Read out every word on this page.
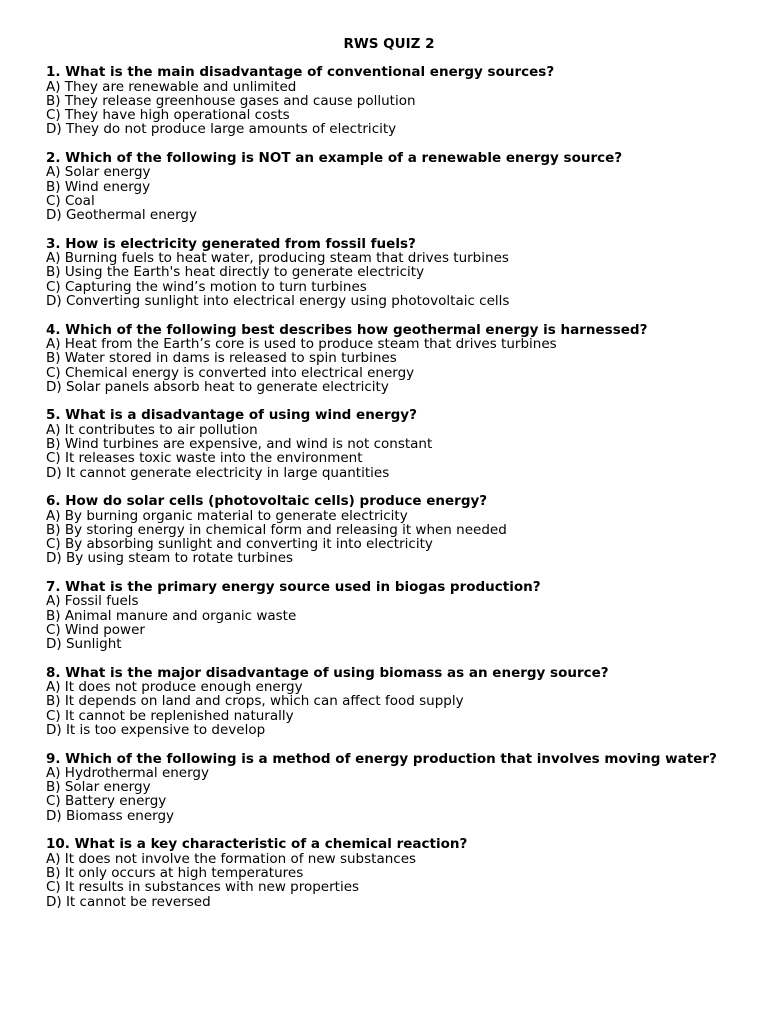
RWS QUIZ 2
1. What is the main disadvantage of conventional energy sources?
A) They are renewable and unlimited
B) They release greenhouse gases and cause pollution
C) They have high operational costs
D) They do not produce large amounts of electricity
2. Which of the following is NOT an example of a renewable energy source?
A) Solar energy
B) Wind energy
C) Coal
D) Geothermal energy
3. How is electricity generated from fossil fuels?
A) Burning fuels to heat water, producing steam that drives turbines
B) Using the Earth's heat directly to generate electricity
C) Capturing the wind’s motion to turn turbines
D) Converting sunlight into electrical energy using photovoltaic cells
4. Which of the following best describes how geothermal energy is harnessed?
A) Heat from the Earth’s core is used to produce steam that drives turbines
B) Water stored in dams is released to spin turbines
C) Chemical energy is converted into electrical energy
D) Solar panels absorb heat to generate electricity
5. What is a disadvantage of using wind energy?
A) It contributes to air pollution
B) Wind turbines are expensive, and wind is not constant
C) It releases toxic waste into the environment
D) It cannot generate electricity in large quantities
6. How do solar cells (photovoltaic cells) produce energy?
A) By burning organic material to generate electricity
B) By storing energy in chemical form and releasing it when needed
C) By absorbing sunlight and converting it into electricity
D) By using steam to rotate turbines
7. What is the primary energy source used in biogas production?
A) Fossil fuels
B) Animal manure and organic waste
C) Wind power
D) Sunlight
8. What is the major disadvantage of using biomass as an energy source?
A) It does not produce enough energy
B) It depends on land and crops, which can affect food supply
C) It cannot be replenished naturally
D) It is too expensive to develop
9. Which of the following is a method of energy production that involves moving water?
A) Hydrothermal energy
B) Solar energy
C) Battery energy
D) Biomass energy
10. What is a key characteristic of a chemical reaction?
A) It does not involve the formation of new substances
B) It only occurs at high temperatures
C) It results in substances with new properties
D) It cannot be reversed
